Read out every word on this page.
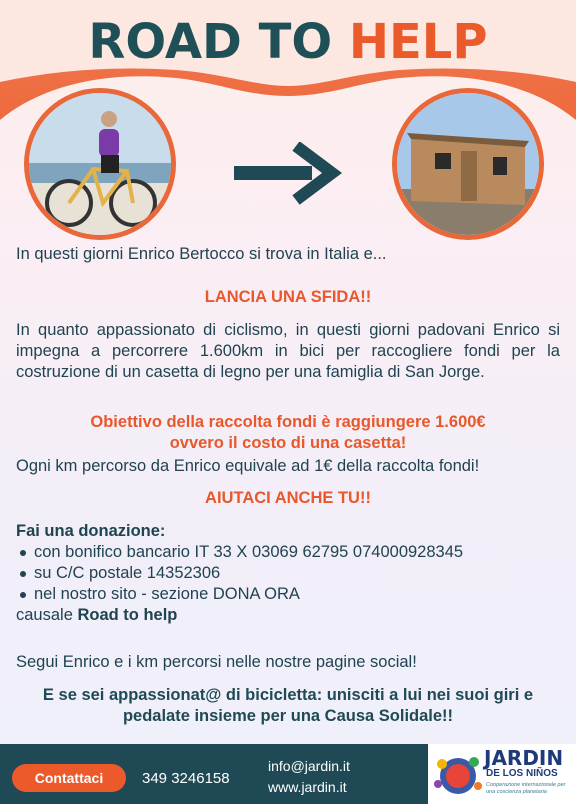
ROAD TO HELP
In questi giorni Enrico Bertocco si trova in Italia e...
LANCIA UNA SFIDA!!
In quanto appassionato di ciclismo, in questi giorni padovani Enrico si impegna a percorrere 1.600km in bici per raccogliere fondi per la costruzione di un casetta di legno per una famiglia di San Jorge.
Obiettivo della raccolta fondi è raggiungere 1.600€
ovvero il costo di una casetta!
Ogni km percorso da Enrico equivale ad 1€ della raccolta fondi!
AIUTACI ANCHE TU!!
Fai una donazione:
con bonifico bancario IT 33 X 03069 62795 074000928345
su C/C postale 14352306
nel nostro sito - sezione DONA ORA
causale Road to help
Segui Enrico e i km percorsi nelle nostre pagine social!
E se sei appassionat@ di bicicletta: unisciti a lui nei suoi giri e
pedalate insieme per una Causa Solidale!!
Contattaci	349 3246158
info@jardin.it
www.jardin.it
JARDIN
DE LOS NIÑOS
Cooperazione internazionale per una coscienza planetaria
